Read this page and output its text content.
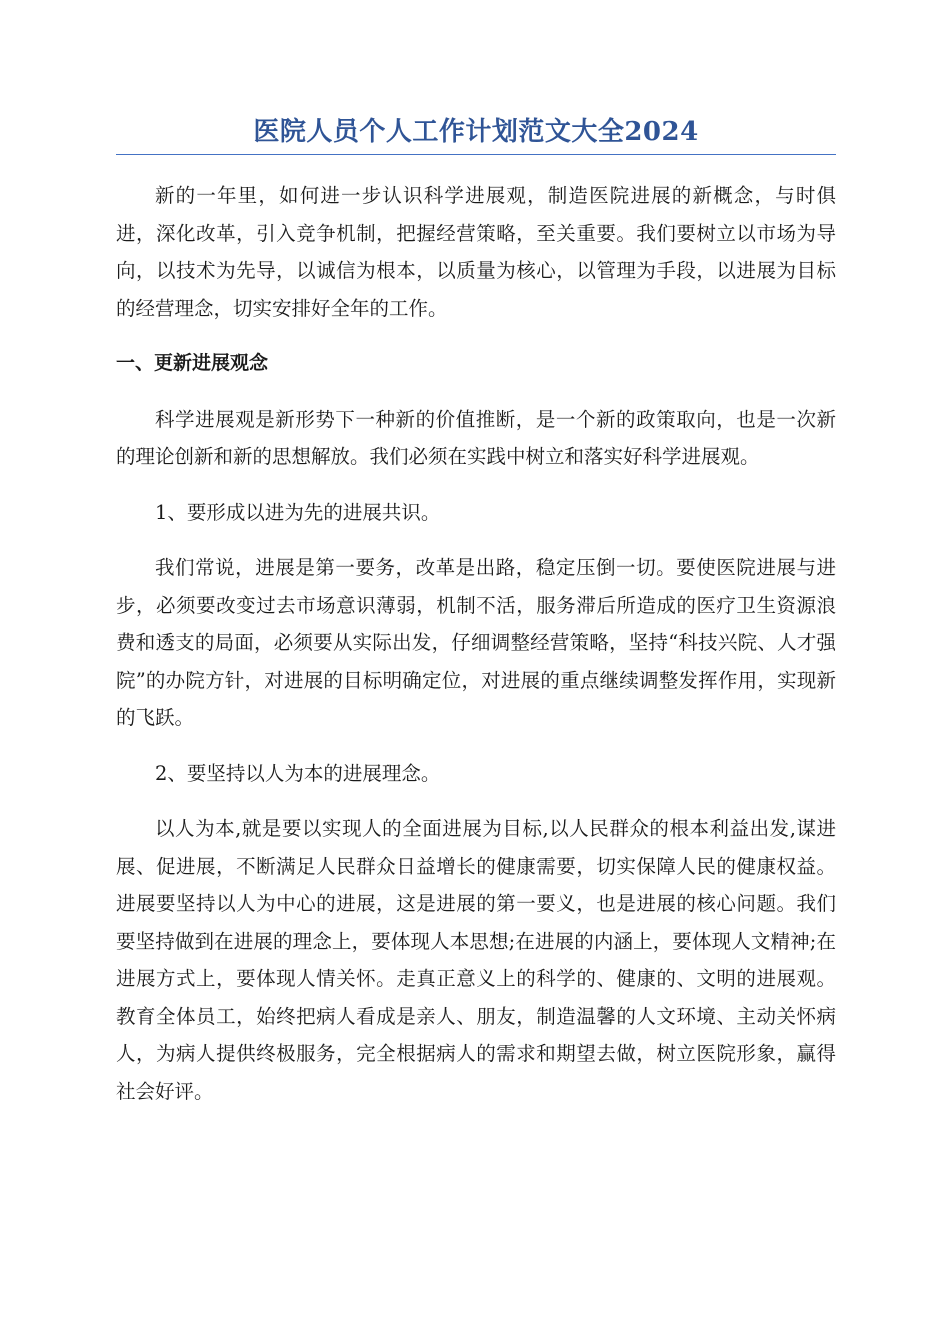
医院人员个人工作计划范文大全2024

新的一年里，如何进一步认识科学进展观，制造医院进展的新概念，与时俱进，深化改革，引入竞争机制，把握经营策略，至关重要。我们要树立以市场为导向，以技术为先导，以诚信为根本，以质量为核心，以管理为手段，以进展为目标的经营理念，切实安排好全年的工作。

一、更新进展观念

科学进展观是新形势下一种新的价值推断，是一个新的政策取向，也是一次新的理论创新和新的思想解放。我们必须在实践中树立和落实好科学进展观。

1、要形成以进为先的进展共识。

我们常说，进展是第一要务，改革是出路，稳定压倒一切。要使医院进展与进步，必须要改变过去市场意识薄弱，机制不活，服务滞后所造成的医疗卫生资源浪费和透支的局面，必须要从实际出发，仔细调整经营策略，坚持“科技兴院、人才强院”的办院方针，对进展的目标明确定位，对进展的重点继续调整发挥作用，实现新的飞跃。

2、要坚持以人为本的进展理念。

以人为本,就是要以实现人的全面进展为目标,以人民群众的根本利益出发,谋进展、促进展，不断满足人民群众日益增长的健康需要，切实保障人民的健康权益。进展要坚持以人为中心的进展，这是进展的第一要义，也是进展的核心问题。我们要坚持做到在进展的理念上，要体现人本思想;在进展的内涵上，要体现人文精神;在进展方式上，要体现人情关怀。走真正意义上的科学的、健康的、文明的进展观。教育全体员工，始终把病人看成是亲人、朋友，制造温馨的人文环境、主动关怀病人，为病人提供终极服务，完全根据病人的需求和期望去做，树立医院形象，赢得社会好评。
